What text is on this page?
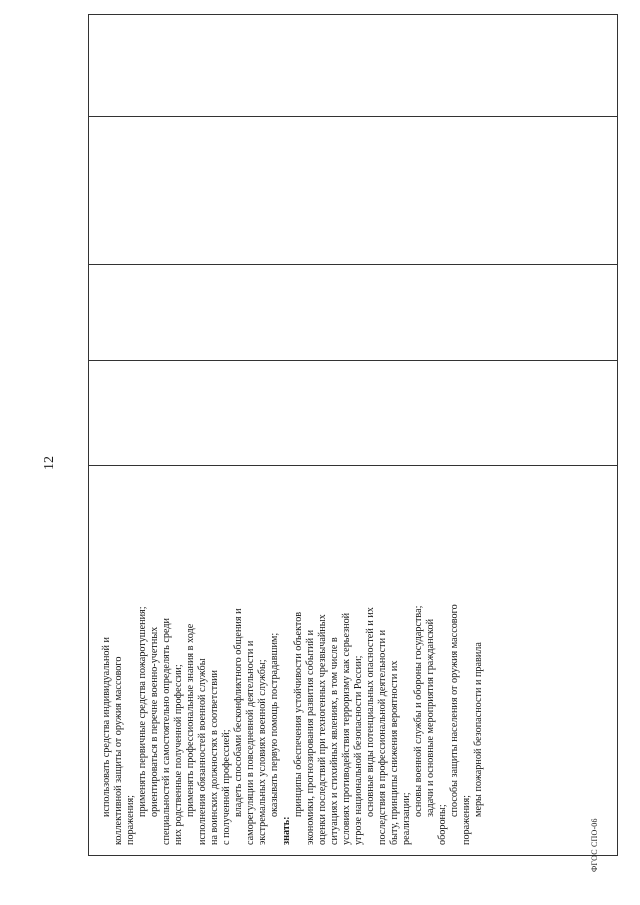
12

использовать средства индивидуальной и коллективной защиты от оружия массового поражения;

применять первичные средства пожаротушения; ориентироваться в перечне военно-учетных специальностей и самостоятельно определять среди них родственные полученной профессии; применять профессиональные знания в ходе исполнения обязанностей военной службы на воинских должностях в соответствии с полученной профессией; владеть способами бесконфликтного общения и саморегуляции в повседневной деятельности и экстремальных условиях военной службы; оказывать первую помощь пострадавшим;

знать:

принципы обеспечения устойчивости объектов экономики, прогнозирования развития событий и оценки последствий при техногенных чрезвычайных ситуациях и стихийных явлениях, в том числе в условиях противодействия терроризму как серьезной угрозе национальной безопасности России; основные виды потенциальных опасностей и их последствия в профессиональной деятельности и быту, принципы снижения вероятности их реализации;

основы военной службы и обороны государства; задачи и основные мероприятия гражданской

обороны;

способы защиты населения от оружия массового

поражения;

меры пожарной безопасности и правила

ФГОС СПО-06
